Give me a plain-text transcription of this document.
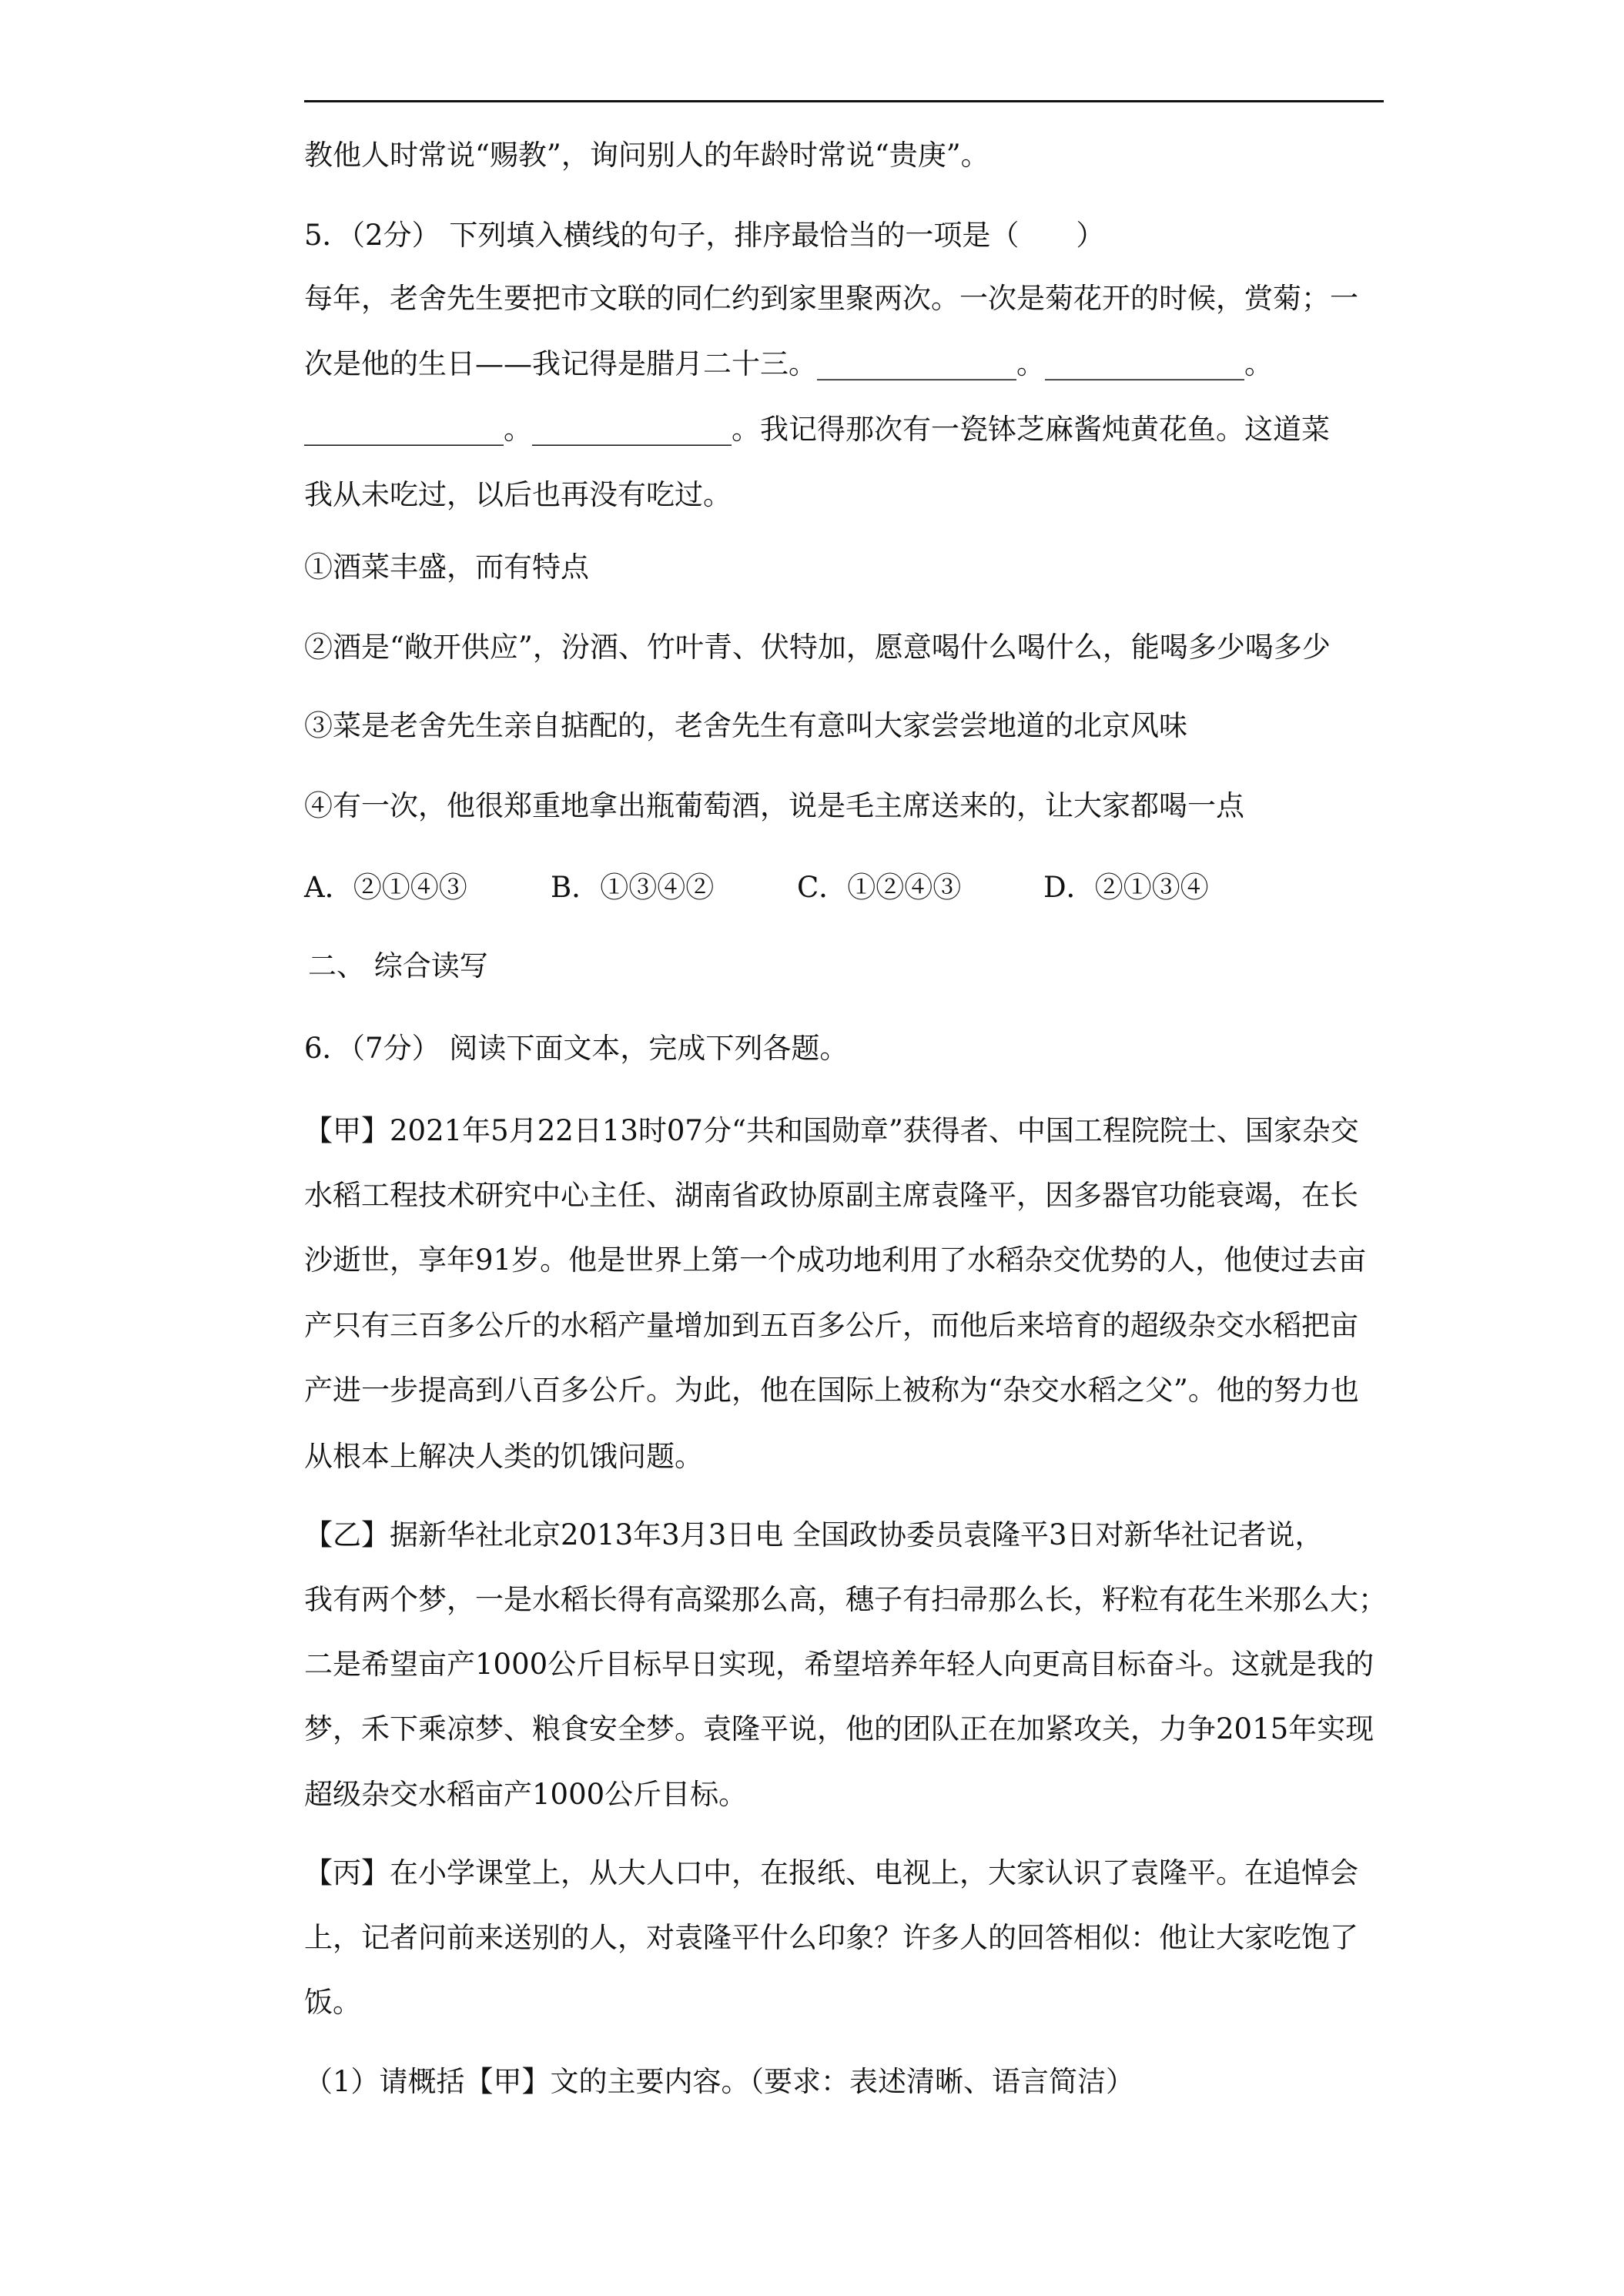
教他人时常说“赐教”，询问别人的年龄时常说“贵庚”。
5．（2分） 下列填入横线的句子，排序最恰当的一项是（　　）
每年，老舍先生要把市文联的同仁约到家里聚两次。一次是菊花开的时候，赏菊；一
次是他的生日——我记得是腊月二十三。______________。______________。
______________。______________。我记得那次有一瓷钵芝麻酱炖黄花鱼。这道菜
我从未吃过，以后也再没有吃过。
①酒菜丰盛，而有特点
②酒是“敞开供应”，汾酒、竹叶青、伏特加，愿意喝什么喝什么，能喝多少喝多少
③菜是老舍先生亲自掂配的，老舍先生有意叫大家尝尝地道的北京风味
④有一次，他很郑重地拿出瓶葡萄酒，说是毛主席送来的，让大家都喝一点
A．②①④③	B．①③④②	C．①②④③	D．②①③④
二、 综合读写
6．（7分） 阅读下面文本，完成下列各题。
【甲】2021年5月22日13时07分“共和国勋章”获得者、中国工程院院士、国家杂交
水稻工程技术研究中心主任、湖南省政协原副主席袁隆平，因多器官功能衰竭，在长
沙逝世，享年91岁。他是世界上第一个成功地利用了水稻杂交优势的人，他使过去亩
产只有三百多公斤的水稻产量增加到五百多公斤，而他后来培育的超级杂交水稻把亩
产进一步提高到八百多公斤。为此，他在国际上被称为“杂交水稻之父”。他的努力也
从根本上解决人类的饥饿问题。
【乙】据新华社北京2013年3月3日电 全国政协委员袁隆平3日对新华社记者说，
我有两个梦，一是水稻长得有高粱那么高，穗子有扫帚那么长，籽粒有花生米那么大；
二是希望亩产1000公斤目标早日实现，希望培养年轻人向更高目标奋斗。这就是我的
梦，禾下乘凉梦、粮食安全梦。袁隆平说，他的团队正在加紧攻关，力争2015年实现
超级杂交水稻亩产1000公斤目标。
【丙】在小学课堂上，从大人口中，在报纸、电视上，大家认识了袁隆平。在追悼会
上，记者问前来送别的人，对袁隆平什么印象？许多人的回答相似：他让大家吃饱了
饭。
（1）请概括【甲】文的主要内容。（要求：表述清晰、语言简洁）
